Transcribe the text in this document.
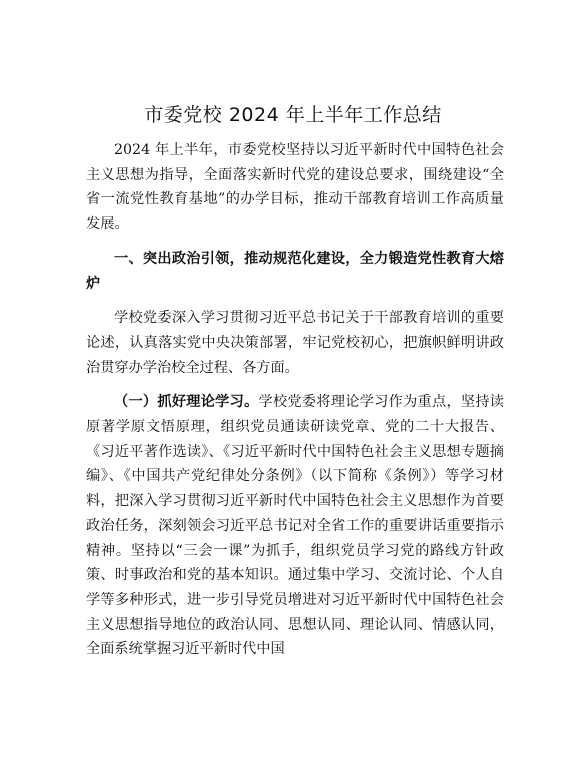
市委党校 2024 年上半年工作总结

2024 年上半年，市委党校坚持以习近平新时代中国特色社会主义思想为指导，全面落实新时代党的建设总要求，围绕建设“全省一流党性教育基地”的办学目标，推动干部教育培训工作高质量发展。

一、突出政治引领，推动规范化建设，全力锻造党性教育大熔炉

学校党委深入学习贯彻习近平总书记关于干部教育培训的重要论述，认真落实党中央决策部署，牢记党校初心，把旗帜鲜明讲政治贯穿办学治校全过程、各方面。

（一）抓好理论学习。学校党委将理论学习作为重点，坚持读原著学原文悟原理，组织党员通读研读党章、党的二十大报告、《习近平著作选读》、《习近平新时代中国特色社会主义思想专题摘编》、《中国共产党纪律处分条例》（以下简称《条例》）等学习材料，把深入学习贯彻习近平新时代中国特色社会主义思想作为首要政治任务，深刻领会习近平总书记对全省工作的重要讲话重要指示精神。坚持以“三会一课”为抓手，组织党员学习党的路线方针政策、时事政治和党的基本知识。通过集中学习、交流讨论、个人自学等多种形式，进一步引导党员增进对习近平新时代中国特色社会主义思想指导地位的政治认同、思想认同、理论认同、情感认同，全面系统掌握习近平新时代中国
